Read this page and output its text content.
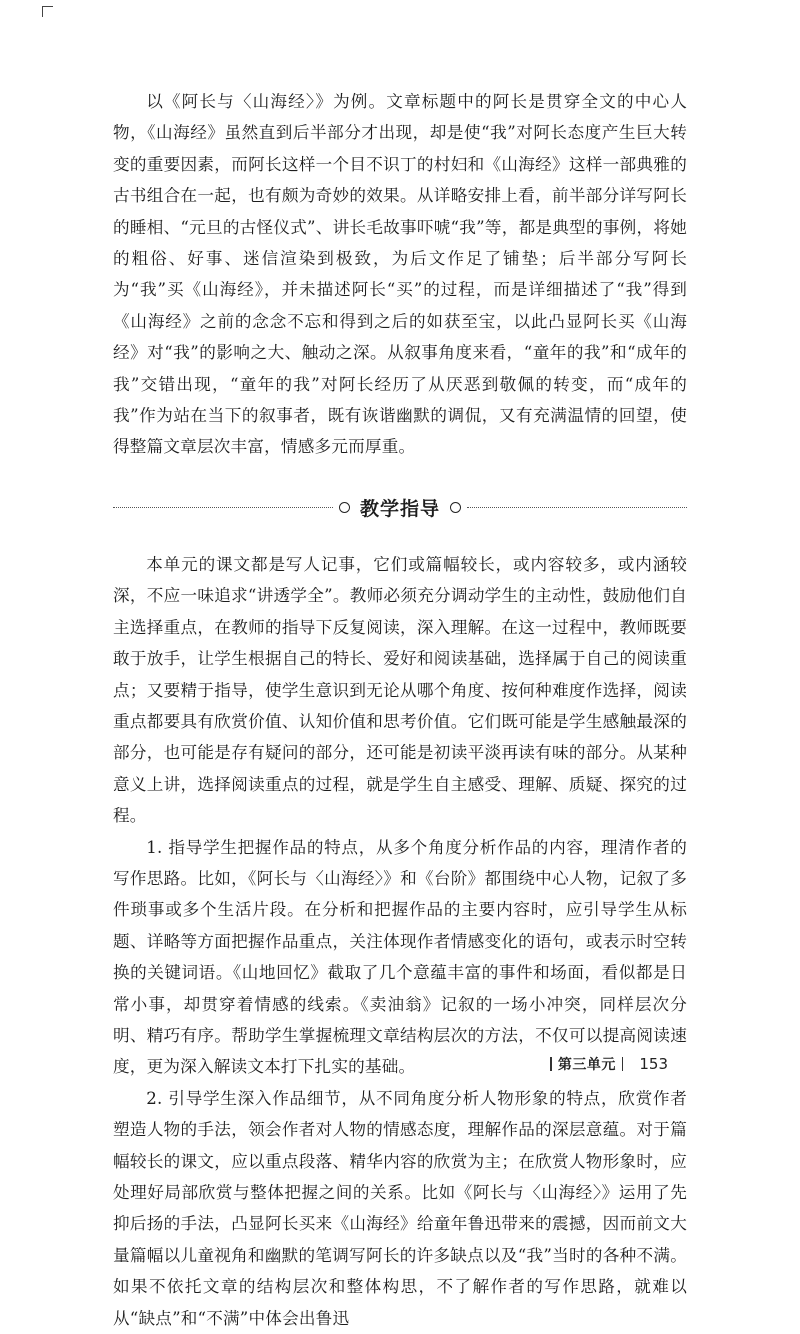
以《阿长与〈山海经〉》为例。文章标题中的阿长是贯穿全文的中心人物，《山海经》虽然直到后半部分才出现，却是使“我”对阿长态度产生巨大转变的重要因素，而阿长这样一个目不识丁的村妇和《山海经》这样一部典雅的古书组合在一起，也有颇为奇妙的效果。从详略安排上看，前半部分详写阿长的睡相、“元旦的古怪仪式”、讲长毛故事吓唬“我”等，都是典型的事例，将她的粗俗、好事、迷信渲染到极致，为后文作足了铺垫；后半部分写阿长为“我”买《山海经》，并未描述阿长“买”的过程，而是详细描述了“我”得到《山海经》之前的念念不忘和得到之后的如获至宝，以此凸显阿长买《山海经》对“我”的影响之大、触动之深。从叙事角度来看，“童年的我”和“成年的我”交错出现，“童年的我”对阿长经历了从厌恶到敬佩的转变，而“成年的我”作为站在当下的叙事者，既有诙谐幽默的调侃，又有充满温情的回望，使得整篇文章层次丰富，情感多元而厚重。

教学指导

本单元的课文都是写人记事，它们或篇幅较长，或内容较多，或内涵较深，不应一味追求“讲透学全”。教师必须充分调动学生的主动性，鼓励他们自主选择重点，在教师的指导下反复阅读，深入理解。在这一过程中，教师既要敢于放手，让学生根据自己的特长、爱好和阅读基础，选择属于自己的阅读重点；又要精于指导，使学生意识到无论从哪个角度、按何种难度作选择，阅读重点都要具有欣赏价值、认知价值和思考价值。它们既可能是学生感触最深的部分，也可能是存有疑问的部分，还可能是初读平淡再读有味的部分。从某种意义上讲，选择阅读重点的过程，就是学生自主感受、理解、质疑、探究的过程。

1. 指导学生把握作品的特点，从多个角度分析作品的内容，理清作者的写作思路。比如，《阿长与〈山海经〉》和《台阶》都围绕中心人物，记叙了多件琐事或多个生活片段。在分析和把握作品的主要内容时，应引导学生从标题、详略等方面把握作品重点，关注体现作者情感变化的语句，或表示时空转换的关键词语。《山地回忆》截取了几个意蕴丰富的事件和场面，看似都是日常小事，却贯穿着情感的线索。《卖油翁》记叙的一场小冲突，同样层次分明、精巧有序。帮助学生掌握梳理文章结构层次的方法，不仅可以提高阅读速度，更为深入解读文本打下扎实的基础。

2. 引导学生深入作品细节，从不同角度分析人物形象的特点，欣赏作者塑造人物的手法，领会作者对人物的情感态度，理解作品的深层意蕴。对于篇幅较长的课文，应以重点段落、精华内容的欣赏为主；在欣赏人物形象时，应处理好局部欣赏与整体把握之间的关系。比如《阿长与〈山海经〉》运用了先抑后扬的手法，凸显阿长买来《山海经》给童年鲁迅带来的震撼，因而前文大量篇幅以儿童视角和幽默的笔调写阿长的许多缺点以及“我”当时的各种不满。如果不依托文章的结构层次和整体构思，不了解作者的写作思路，就难以从“缺点”和“不满”中体会出鲁迅

第三单元 153
